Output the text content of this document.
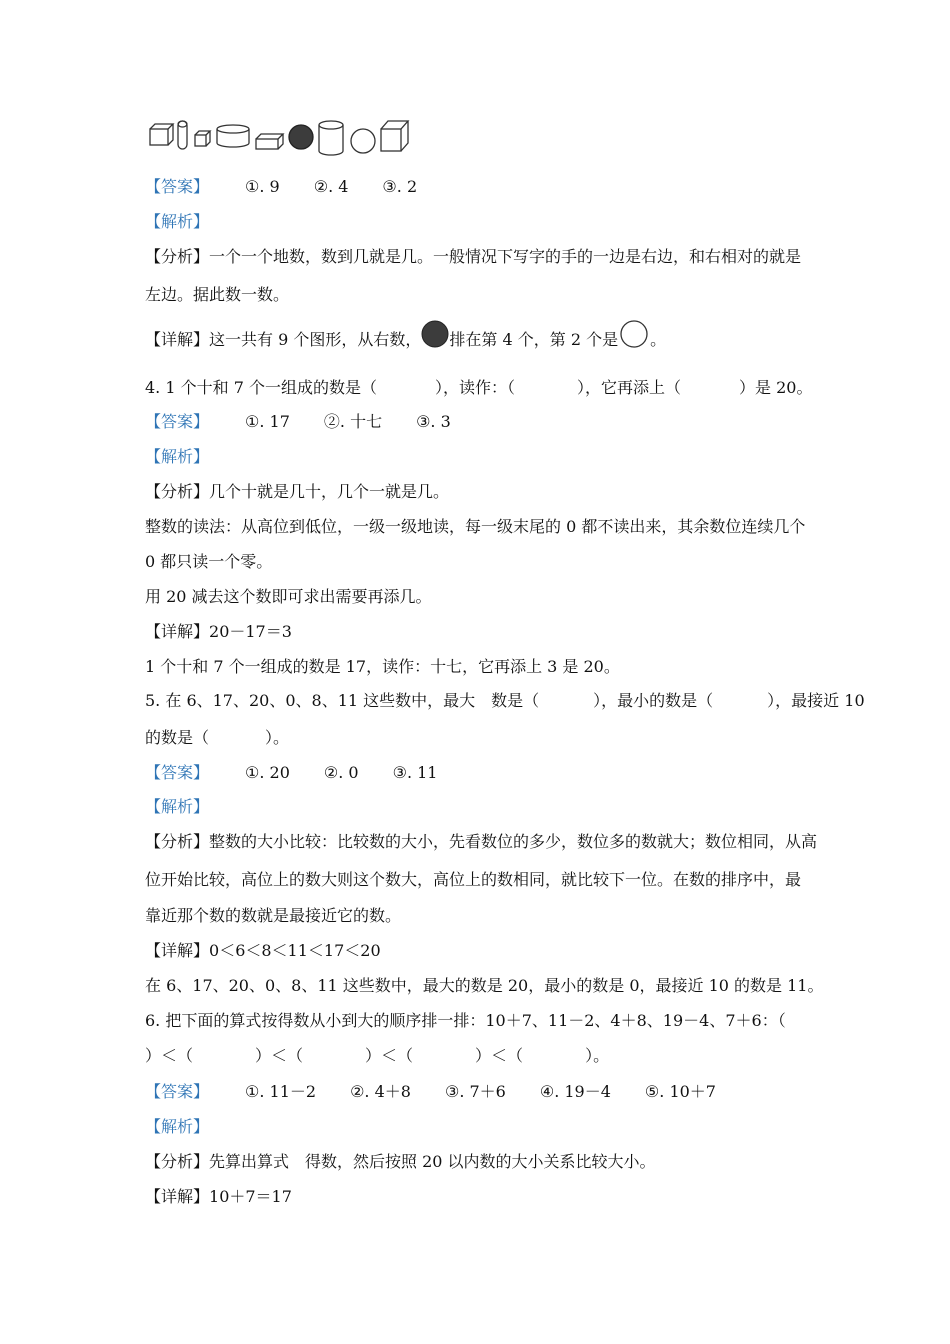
【答案】 ①. 9 ②. 4 ③. 2
【解析】
【分析】一个一个地数，数到几就是几。一般情况下写字的手的一边是右边，和右相对的就是
左边。据此数一数。
【详解】这一共有 9 个图形，从右数， 排在第 4 个，第 2 个是 。
4. 1 个十和 7 个一组成的数是（	），读作：（	），它再添上（	）是 20。
【答案】 ①. 17 ②. 十七 ③. 3
【解析】
【分析】几个十就是几十，几个一就是几。
整数的读法：从高位到低位，一级一级地读，每一级末尾的 0 都不读出来，其余数位连续几个
0 都只读一个零。
用 20 减去这个数即可求出需要再添几。
【详解】20－17＝3
1 个十和 7 个一组成的数是 17，读作：十七，它再添上 3 是 20。
5. 在 6、17、20、0、8、11 这些数中，最大　数是（	），最小的数是（	），最接近 10
的数是（	）。
【答案】 ①. 20 ②. 0 ③. 11
【解析】
【分析】整数的大小比较：比较数的大小，先看数位的多少，数位多的数就大；数位相同，从高
位开始比较，高位上的数大则这个数大，高位上的数相同，就比较下一位。在数的排序中，最
靠近那个数的数就是最接近它的数。
【详解】0＜6＜8＜11＜17＜20
在 6、17、20、0、8、11 这些数中，最大的数是 20，最小的数是 0，最接近 10 的数是 11。
6. 把下面的算式按得数从小到大的顺序排一排：10＋7、11－2、4＋8、19－4、7＋6：（
）＜（	）＜（	）＜（	）＜（	）。
【答案】 ①. 11－2 ②. 4＋8 ③. 7＋6 ④. 19－4 ⑤. 10＋7
【解析】
【分析】先算出算式　得数，然后按照 20 以内数的大小关系比较大小。
【详解】10＋7＝17
